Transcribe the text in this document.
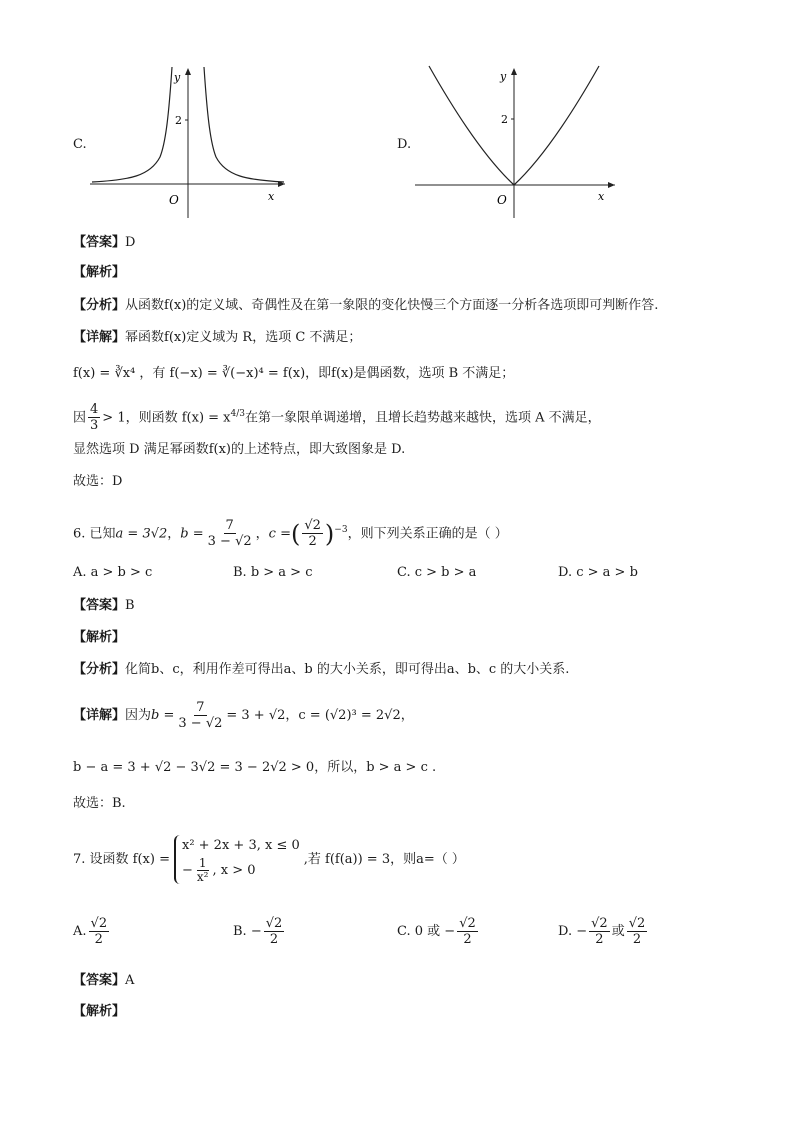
C.
y
2
O	x
D.
y
2
O	x
【答案】D
【解析】
【分析】从函数f(x)的定义域、奇偶性及在第一象限的变化快慢三个方面逐一分析各选项即可判断作答.
【详解】幂函数f(x)定义域为 R，选项 C 不满足；
f(x) = ∛x⁴ ，有 f(−x) = ∛(−x)⁴ = f(x)，即f(x)是偶函数，选项 B 不满足；
因 $\frac{4}{3} > 1$，则函数 $f(x) = x^{4/3}$在第一象限单调递增，且增长趋势越来越快，选项 A 不满足，
显然选项 D 满足幂函数f(x)的上述特点，即大致图象是 D.
故选：D
6. 已知a = 3√2，$b = \frac{7}{3 - √2}$ ，c =( $\frac{√2}{2} )^{-3}$，则下列关系正确的是（ ）
A. a > b > c	B. b > a > c	C. c > b > a	D. c > a > b
【答案】B
【解析】
【分析】化简b、c，利用作差可得出a、b 的大小关系，即可得出a、b、c 的大小关系.
【详解】因为$b = \frac{7}{3 - √2} = 3 + √2$，c = (√2)³ = 2√2，
b − a = 3 + √2 − 3√2 = 3 − 2√2 > 0，所以，b > a > c .
故选：B.
7. 设函数 f(x) =
x² + 2x + 3, x ≤ 0
− $\frac{1}{\text{x²}}$ , x > 0
,若 f(f(a)) = 3，则a=（ ）
A. $\frac{√2}{2}$	B. − $\frac{√2}{2}$	C. 0 或 − $\frac{√2}{2}$	D. − $\frac{√2}{2}$ 或 $\frac{√2}{2}$
【答案】A
【解析】
